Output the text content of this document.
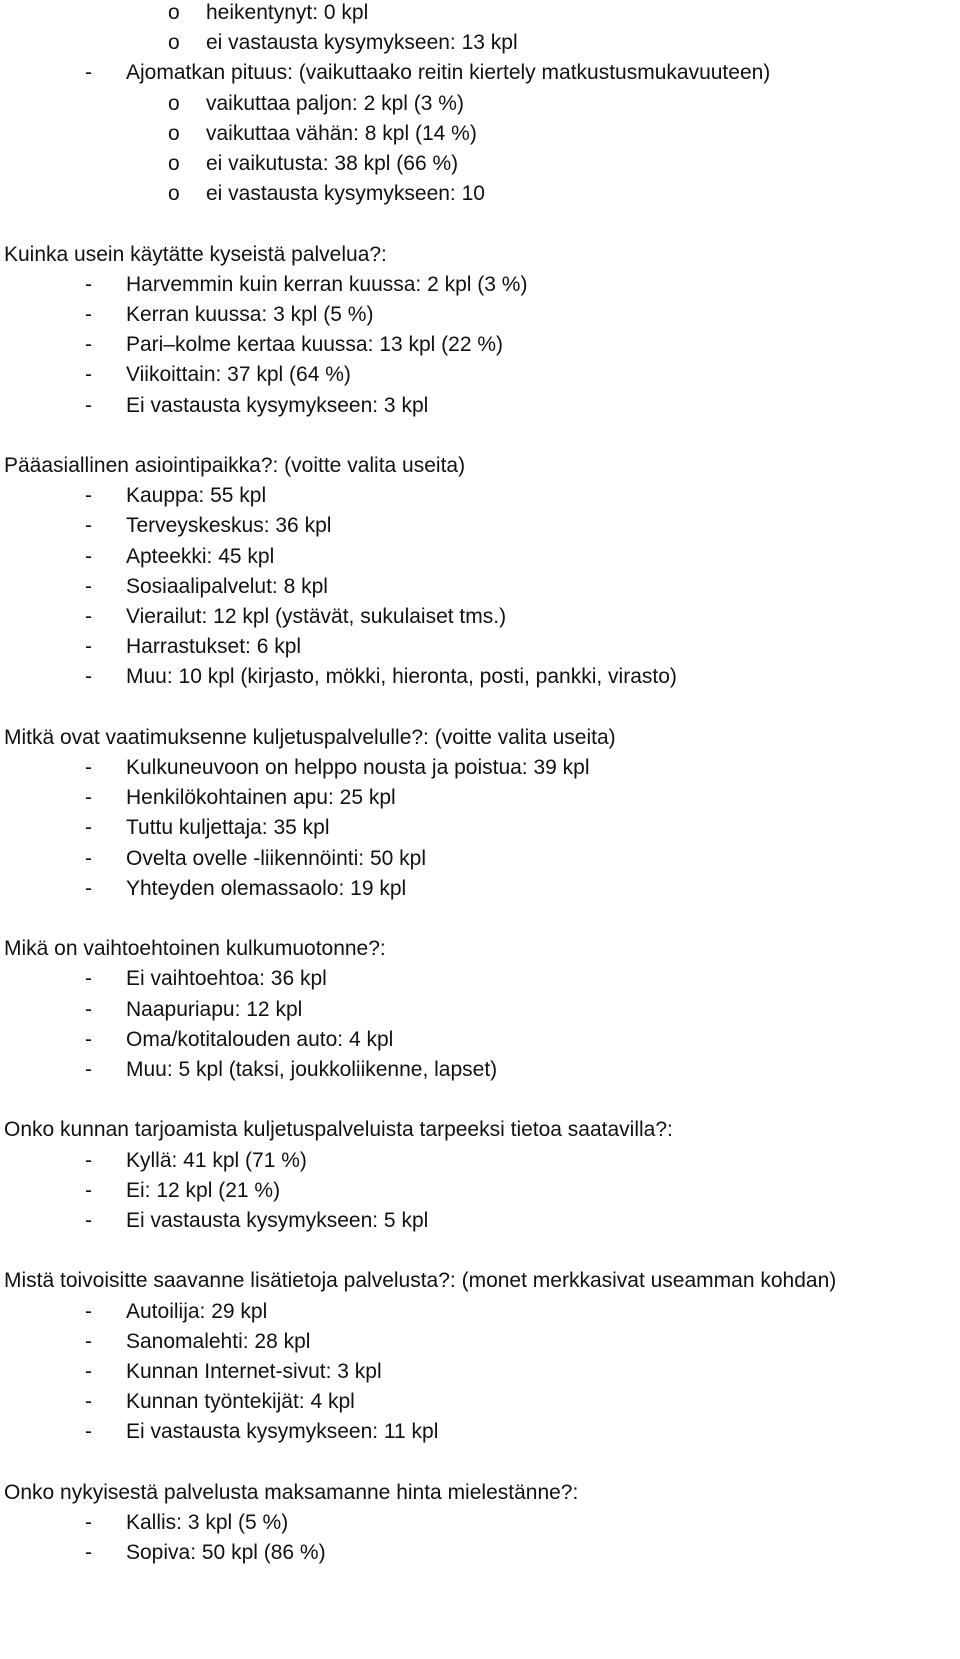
o heikentynyt: 0 kpl
o ei vastausta kysymykseen: 13 kpl
- Ajomatkan pituus: (vaikuttaako reitin kiertely matkustusmukavuuteen)
o vaikuttaa paljon: 2 kpl (3 %)
o vaikuttaa vähän: 8 kpl (14 %)
o ei vaikutusta: 38 kpl (66 %)
o ei vastausta kysymykseen: 10
Kuinka usein käytätte kyseistä palvelua?:
- Harvemmin kuin kerran kuussa: 2 kpl (3 %)
- Kerran kuussa: 3 kpl (5 %)
- Pari–kolme kertaa kuussa: 13 kpl (22 %)
- Viikoittain: 37 kpl (64 %)
- Ei vastausta kysymykseen: 3 kpl
Pääasiallinen asiointipaikka?: (voitte valita useita)
- Kauppa: 55 kpl
- Terveyskeskus: 36 kpl
- Apteekki: 45 kpl
- Sosiaalipalvelut: 8 kpl
- Vierailut: 12 kpl (ystävät, sukulaiset tms.)
- Harrastukset: 6 kpl
- Muu: 10 kpl (kirjasto, mökki, hieronta, posti, pankki, virasto)
Mitkä ovat vaatimuksenne kuljetuspalvelulle?: (voitte valita useita)
- Kulkuneuvoon on helppo nousta ja poistua: 39 kpl
- Henkilökohtainen apu: 25 kpl
- Tuttu kuljettaja: 35 kpl
- Ovelta ovelle -liikennöinti: 50 kpl
- Yhteyden olemassaolo: 19 kpl
Mikä on vaihtoehtoinen kulkumuotonne?:
- Ei vaihtoehtoa: 36 kpl
- Naapuriapu: 12 kpl
- Oma/kotitalouden auto: 4 kpl
- Muu: 5 kpl (taksi, joukkoliikenne, lapset)
Onko kunnan tarjoamista kuljetuspalveluista tarpeeksi tietoa saatavilla?:
- Kyllä: 41 kpl (71 %)
- Ei: 12 kpl (21 %)
- Ei vastausta kysymykseen: 5 kpl
Mistä toivoisitte saavanne lisätietoja palvelusta?: (monet merkkasivat useamman kohdan)
- Autoilija: 29 kpl
- Sanomalehti: 28 kpl
- Kunnan Internet-sivut: 3 kpl
- Kunnan työntekijät: 4 kpl
- Ei vastausta kysymykseen: 11 kpl
Onko nykyisestä palvelusta maksamanne hinta mielestänne?:
- Kallis: 3 kpl (5 %)
- Sopiva: 50 kpl (86 %)
